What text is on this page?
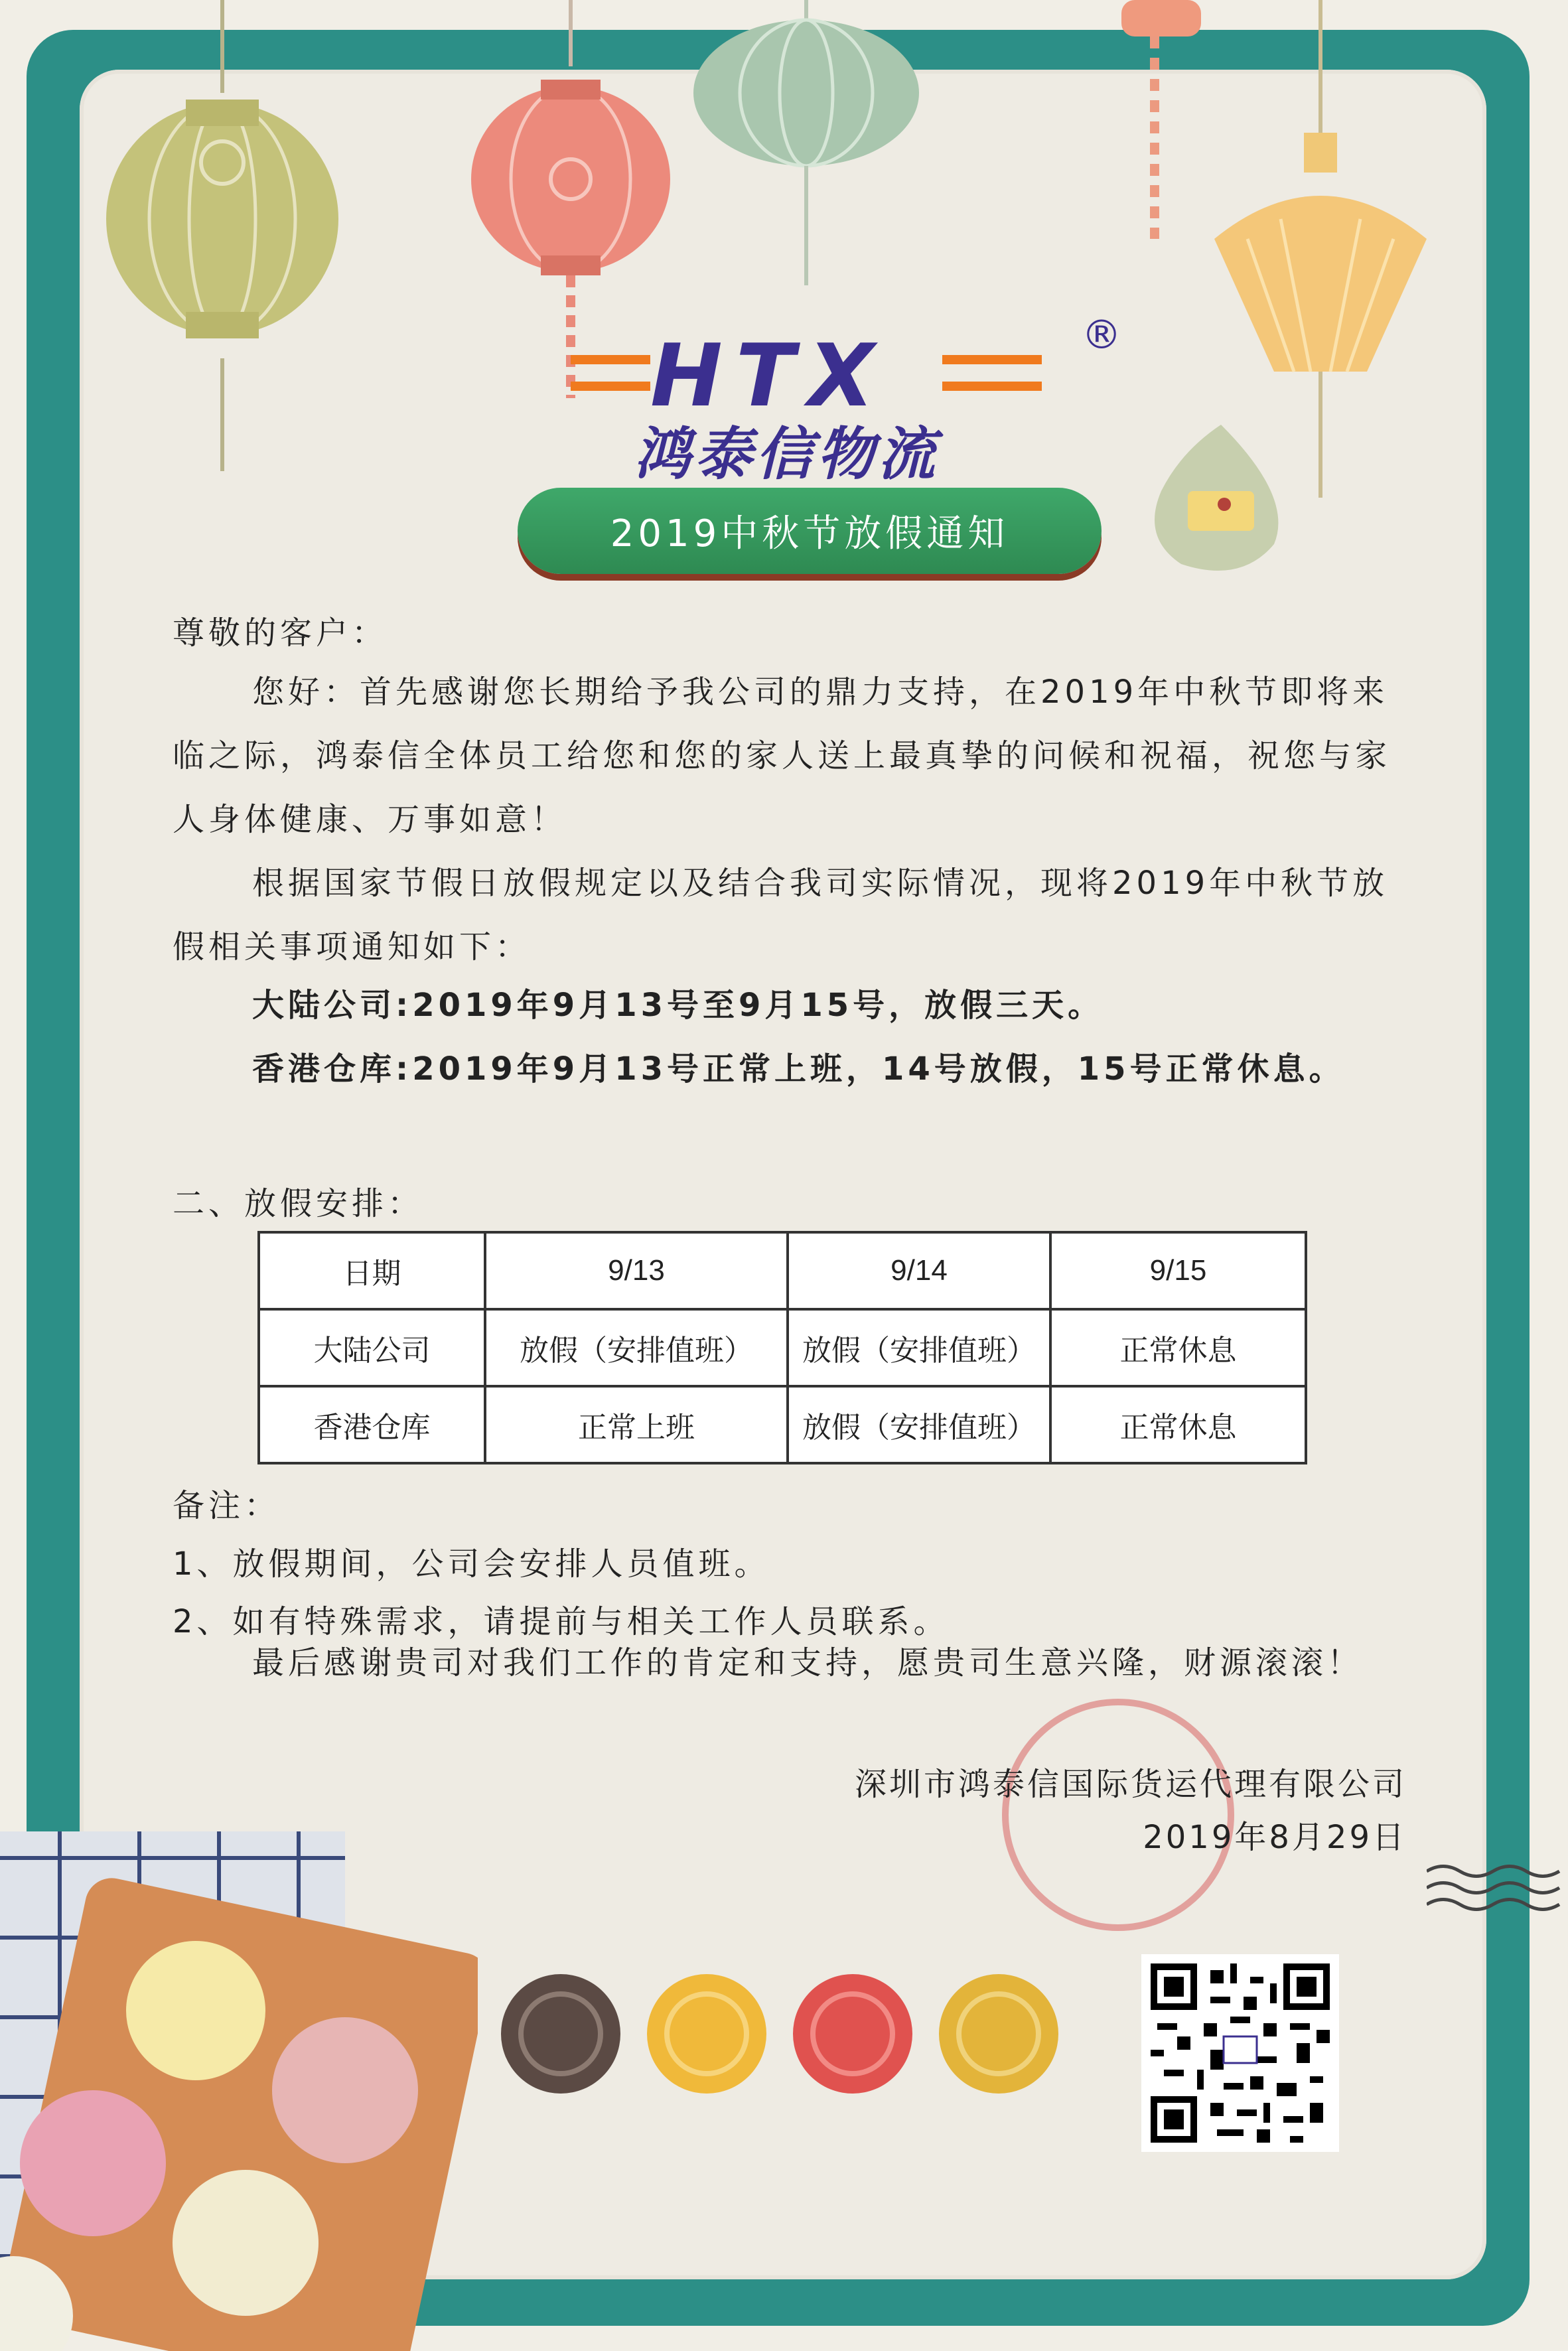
HTX	®
鸿泰信物流
2019中秋节放假通知
尊敬的客户：
您好：首先感谢您长期给予我公司的鼎力支持，在2019年中秋节即将来临之际，鸿泰信全体员工给您和您的家人送上最真挚的问候和祝福，祝您与家人身体健康、万事如意！
根据国家节假日放假规定以及结合我司实际情况，现将2019年中秋节放假相关事项通知如下：
大陆公司:2019年9月13号至9月15号，放假三天。
香港仓库:2019年9月13号正常上班，14号放假，15号正常休息。
二、放假安排：
日期	9/13	9/14	9/15
大陆公司	放假（安排值班）	放假（安排值班）	正常休息
香港仓库	正常上班	放假（安排值班）	正常休息
备注：
1、放假期间，公司会安排人员值班。
2、如有特殊需求，请提前与相关工作人员联系。
最后感谢贵司对我们工作的肯定和支持，愿贵司生意兴隆，财源滚滚！
深圳市鸿泰信国际货运代理有限公司
2019年8月29日
